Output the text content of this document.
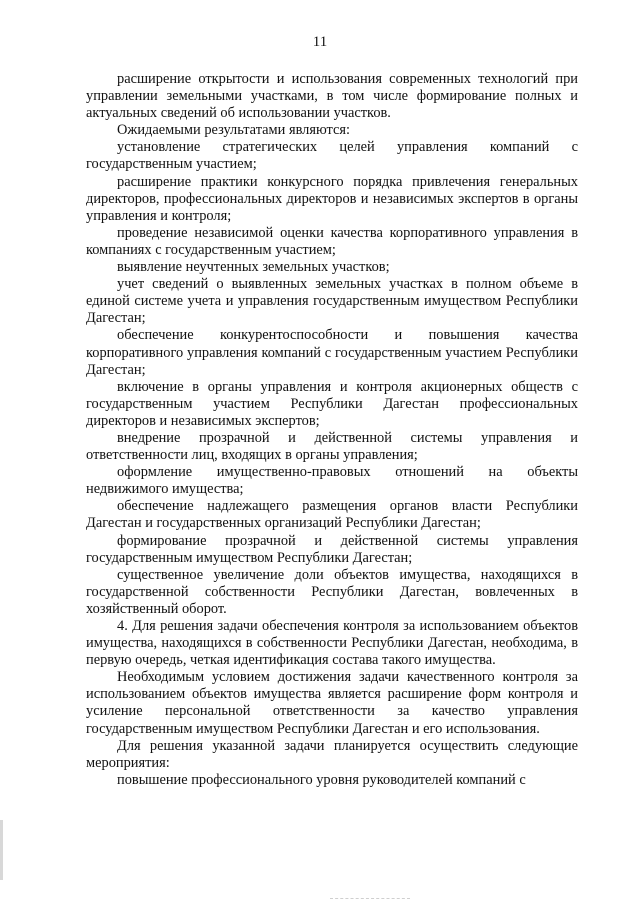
11

расширение открытости и использования современных технологий при управлении земельными участками, в том числе формирование полных и актуальных сведений об использовании участков.

Ожидаемыми результатами являются:

установление стратегических целей управления компаний с государственным участием;

расширение практики конкурсного порядка привлечения генеральных директоров, профессиональных директоров и независимых экспертов в органы управления и контроля;

проведение независимой оценки качества корпоративного управления в компаниях с государственным участием;

выявление неучтенных земельных участков;

учет сведений о выявленных земельных участках в полном объеме в единой системе учета и управления государственным имуществом Республики Дагестан;

обеспечение конкурентоспособности и повышения качества корпоративного управления компаний с государственным участием Республики Дагестан;

включение в органы управления и контроля акционерных обществ с государственным участием Республики Дагестан профессиональных директоров и независимых экспертов;

внедрение прозрачной и действенной системы управления и ответственности лиц, входящих в органы управления;

оформление имущественно-правовых отношений на объекты недвижимого имущества;

обеспечение надлежащего размещения органов власти Республики Дагестан и государственных организаций Республики Дагестан;

формирование прозрачной и действенной системы управления государственным имуществом Республики Дагестан;

существенное увеличение доли объектов имущества, находящихся в государственной собственности Республики Дагестан, вовлеченных в хозяйственный оборот.

4. Для решения задачи обеспечения контроля за использованием объектов имущества, находящихся в собственности Республики Дагестан, необходима, в первую очередь, четкая идентификация состава такого имущества.

Необходимым условием достижения задачи качественного контроля за использованием объектов имущества является расширение форм контроля и усиление персональной ответственности за качество управления государственным имуществом Республики Дагестан и его использования.

Для решения указанной задачи планируется осуществить следующие мероприятия:

повышение профессионального уровня руководителей компаний с
